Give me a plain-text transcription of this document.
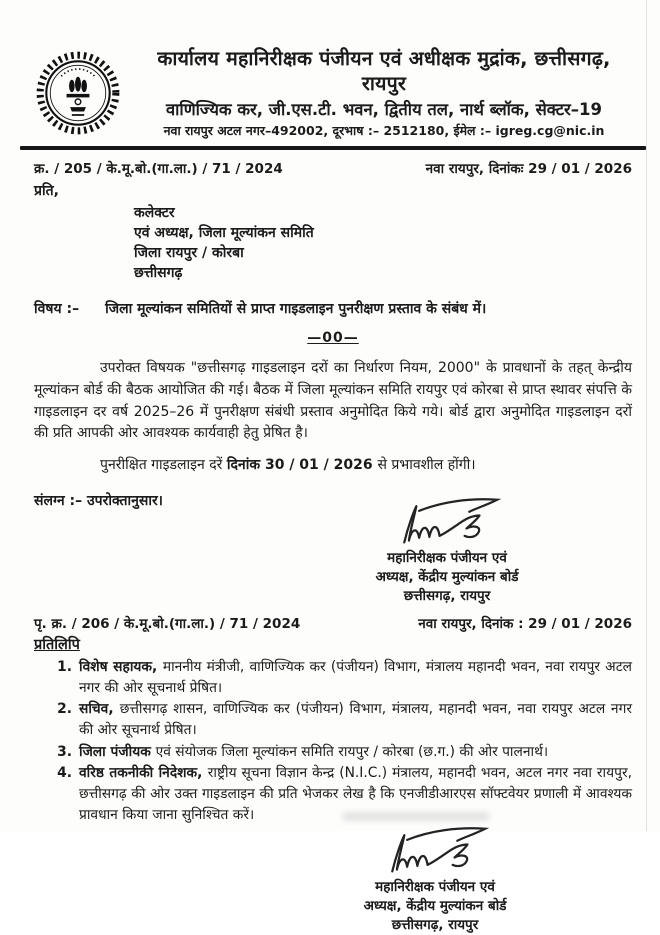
कार्यालय महानिरीक्षक पंजीयन एवं अधीक्षक मुद्रांक, छत्तीसगढ़, रायपुर
वाणिज्यिक कर, जी.एस.टी. भवन, द्वितीय तल, नार्थ ब्लॉक, सेक्टर–19
नवा रायपुर अटल नगर–492002, दूरभाष :– 2512180, ईमेल :– igreg.cg@nic.in
क्र. / 205 / के.मू.बो.(गा.ला.) / 71 / 2024	नवा रायपुर, दिनांकः 29 / 01 / 2026
प्रति,
कलेक्टर
एवं अध्यक्ष, जिला मूल्यांकन समिति
जिला रायपुर / कोरबा
छत्तीसगढ़
विषय :– जिला मूल्यांकन समितियों से प्राप्त गाइडलाइन पुनरीक्षण प्रस्ताव के संबंध में।
—00—
उपरोक्त विषयक "छत्तीसगढ़ गाइडलाइन दरों का निर्धारण नियम, 2000" के प्रावधानों के तहत् केन्द्रीय मूल्यांकन बोर्ड की बैठक आयोजित की गई। बैठक में जिला मूल्यांकन समिति रायपुर एवं कोरबा से प्राप्त स्थावर संपत्ति के गाइडलाइन दर वर्ष 2025–26 में पुनरीक्षण संबंधी प्रस्ताव अनुमोदित किये गये। बोर्ड द्वारा अनुमोदित गाइडलाइन दरों की प्रति आपकी ओर आवश्यक कार्यवाही हेतु प्रेषित है।
पुनरीक्षित गाइडलाइन दरें दिनांक 30 / 01 / 2026 से प्रभावशील होंगी।
संलग्न :– उपरोक्तानुसार।
महानिरीक्षक पंजीयन एवं
अध्यक्ष, केंद्रीय मुल्यांकन बोर्ड
छत्तीसगढ़, रायपुर
पृ. क्र. / 206 / के.मू.बो.(गा.ला.) / 71 / 2024	नवा रायपुर, दिनांक : 29 / 01 / 2026
प्रतिलिपि
1. विशेष सहायक, माननीय मंत्रीजी, वाणिज्यिक कर (पंजीयन) विभाग, मंत्रालय महानदी भवन, नवा रायपुर अटल नगर की ओर सूचनार्थ प्रेषित।
2. सचिव, छत्तीसगढ़ शासन, वाणिज्यिक कर (पंजीयन) विभाग, मंत्रालय, महानदी भवन, नवा रायपुर अटल नगर की ओर सूचनार्थ प्रेषित।
3. जिला पंजीयक एवं संयोजक जिला मूल्यांकन समिति रायपुर / कोरबा (छ.ग.) की ओर पालनार्थ।
4. वरिष्ठ तकनीकी निदेशक, राष्ट्रीय सूचना विज्ञान केन्द्र (N.I.C.) मंत्रालय, महानदी भवन, अटल नगर नवा रायपुर, छत्तीसगढ़ की ओर उक्त गाइडलाइन की प्रति भेजकर लेख है कि एनजीडीआरएस सॉफ्टवेयर प्रणाली में आवश्यक प्रावधान किया जाना सुनिश्चित करें।
महानिरीक्षक पंजीयन एवं
अध्यक्ष, केंद्रीय मुल्यांकन बोर्ड
छत्तीसगढ़, रायपुर
